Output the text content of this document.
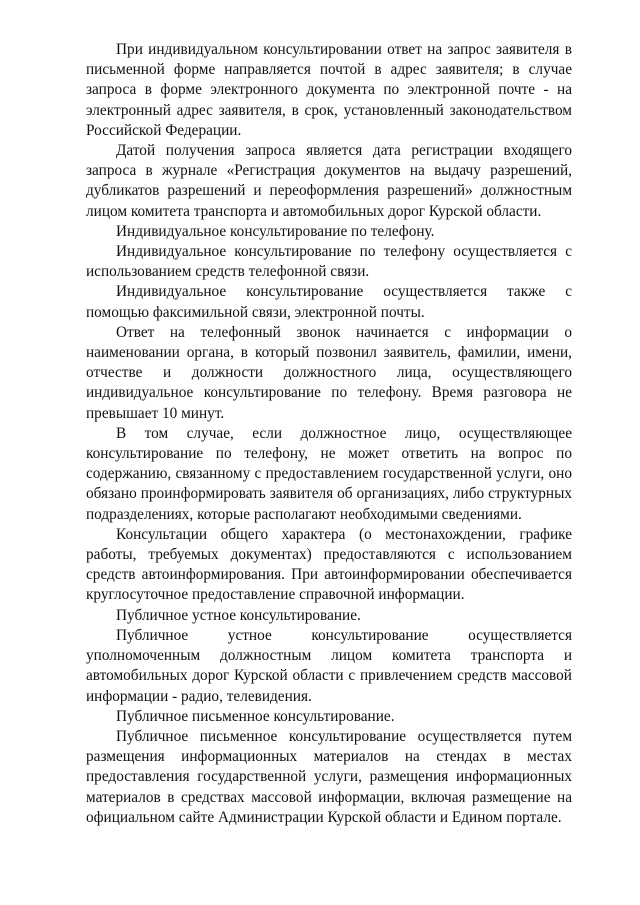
При индивидуальном консультировании ответ на запрос заявителя в письменной форме направляется почтой в адрес заявителя; в случае запроса в форме электронного документа по электронной почте - на электронный адрес заявителя, в срок, установленный законодательством Российской Федерации.

Датой получения запроса является дата регистрации входящего запроса в журнале «Регистрация документов на выдачу разрешений, дубликатов разрешений и переоформления разрешений» должностным лицом комитета транспорта и автомобильных дорог Курской области.

Индивидуальное консультирование по телефону.

Индивидуальное консультирование по телефону осуществляется с использованием средств телефонной связи.

Индивидуальное консультирование осуществляется также с помощью факсимильной связи, электронной почты.

Ответ на телефонный звонок начинается с информации о наименовании органа, в который позвонил заявитель, фамилии, имени, отчестве и должности должностного лица, осуществляющего индивидуальное консультирование по телефону. Время разговора не превышает 10 минут.

В том случае, если должностное лицо, осуществляющее консультирование по телефону, не может ответить на вопрос по содержанию, связанному с предоставлением государственной услуги, оно обязано проинформировать заявителя об организациях, либо структурных подразделениях, которые располагают необходимыми сведениями.

Консультации общего характера (о местонахождении, графике работы, требуемых документах) предоставляются с использованием средств автоинформирования. При автоинформировании обеспечивается круглосуточное предоставление справочной информации.

Публичное устное консультирование.

Публичное устное консультирование осуществляется уполномоченным должностным лицом комитета транспорта и автомобильных дорог Курской области с привлечением средств массовой информации - радио, телевидения.

Публичное письменное консультирование.

Публичное письменное консультирование осуществляется путем размещения информационных материалов на стендах в местах предоставления государственной услуги, размещения информационных материалов в средствах массовой информации, включая размещение на официальном сайте Администрации Курской области и Едином портале.
